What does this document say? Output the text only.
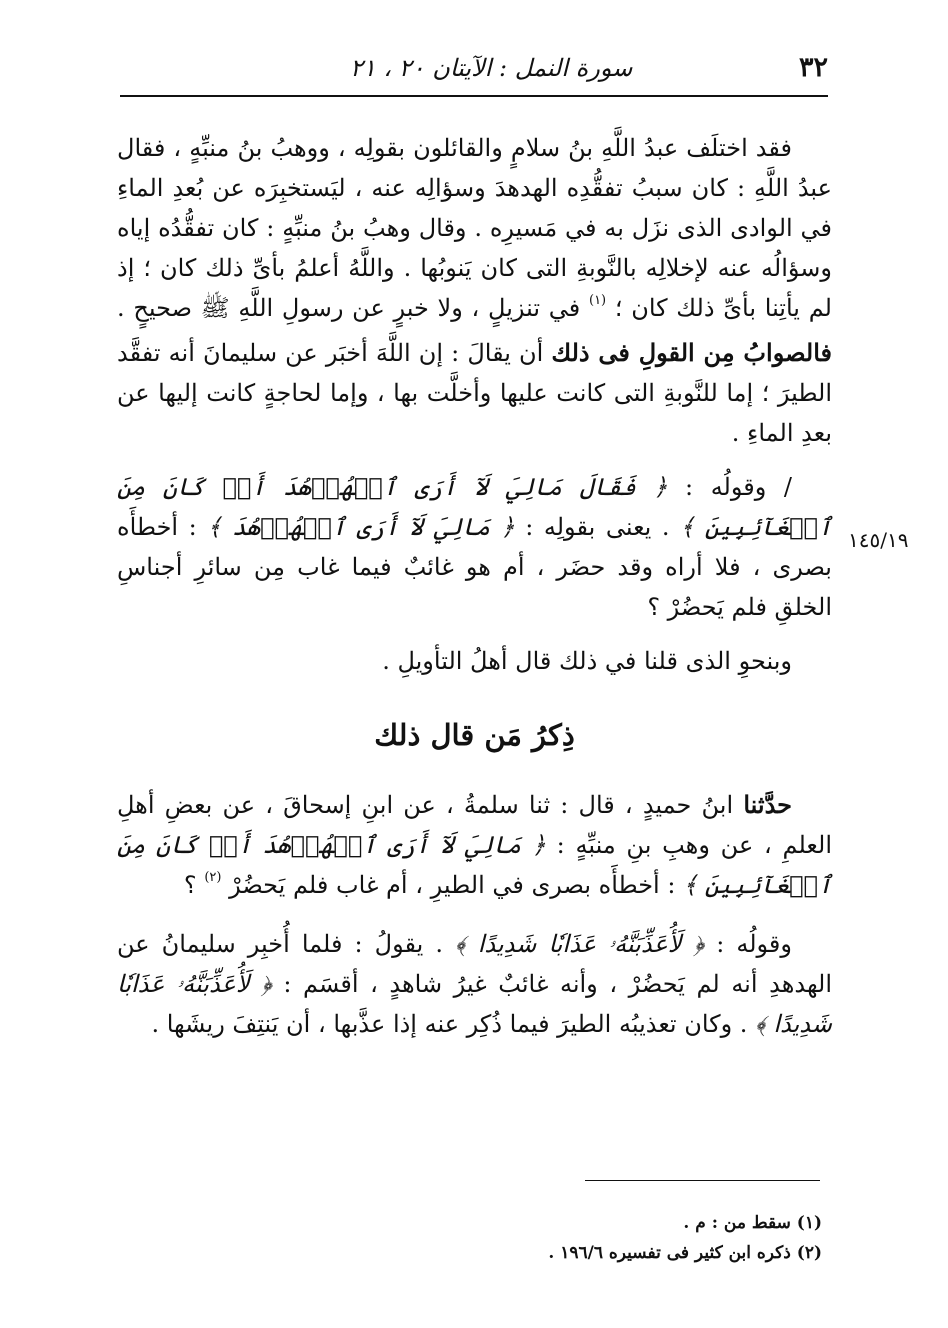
٣٢
سورة النمل : الآيتان ٢٠ ، ٢١
١٤٥/١٩

فقد اختلَف عبدُ اللَّهِ بنُ سلامٍ والقائلون بقولِه ، ووهبُ بنُ منبِّهٍ ، فقال عبدُ اللَّهِ : كان سببُ تفقُّدِه الهدهدَ وسؤالِه عنه ، ليَستخبِرَه عن بُعدِ الماءِ في الوادى الذى نزَل به في مَسيرِه . وقال وهبُ بنُ منبِّهٍ : كان تفقُّدُه إياه وسؤالُه عنه لإخلالِه بالنَّوبةِ التى كان يَنوبُها . واللَّهُ أعلمُ بأىِّ ذلك كان ؛ إذ لم يأتِنا بأىِّ ذلك كان ؛ $^{(١)}$ في تنزيلٍ ، ولا خبرٍ عن رسولِ اللَّهِ ﷺ صحيحٍ . فالصوابُ مِن القولِ فى ذلك أن يقالَ : إن اللَّهَ أخبَر عن سليمانَ أنه تفقَّد الطيرَ ؛ إما للنَّوبةِ التى كانت عليها وأخلَّت بها ، وإما لحاجةٍ كانت إليها عن بعدِ الماءِ .

/ وقولُه : ﴿ فَقَالَ مَالِيَ لَآ أَرَى ٱلۡهُدۡهُدَ أَمۡ كَانَ مِنَ ٱلۡغَآئِبِينَ ﴾ . يعنى بقولِه : ﴿ مَالِيَ لَآ أَرَى ٱلۡهُدۡهُدَ ﴾ : أخطأَه بصرى ، فلا أراه وقد حضَر ، أم هو غائبٌ فيما غاب مِن سائرِ أجناسِ الخلقِ فلم يَحضُرْ ؟

وبنحوِ الذى قلنا في ذلك قال أهلُ التأويلِ .

ذِكرُ مَن قال ذلك

حدَّثنا ابنُ حميدٍ ، قال : ثنا سلمةُ ، عن ابنِ إسحاقَ ، عن بعضِ أهلِ العلمِ ، عن وهبِ بنِ منبِّهٍ : ﴿ مَالِيَ لَآ أَرَى ٱلۡهُدۡهُدَ أَمۡ كَانَ مِنَ ٱلۡغَآئِبِينَ ﴾ : أخطأَه بصرى في الطيرِ ، أم غاب فلم يَحضُرْ $^{(٢)}$ ؟

وقولُه : ﴿ لَأُعَذِّبَنَّهُۥ عَذَابٗا شَدِيدًا ﴾ . يقولُ : فلما أُخبِر سليمانُ عن الهدهدِ أنه لم يَحضُرْ ، وأنه غائبٌ غيرُ شاهدٍ ، أقسَم : ﴿ لَأُعَذِّبَنَّهُۥ عَذَابٗا شَدِيدًا ﴾ . وكان تعذيبُه الطيرَ فيما ذُكِر عنه إذا عذَّبها ، أن يَنتِفَ ريشَها .

(١) سقط من : م .

(٢) ذكره ابن كثير فى تفسيره ١٩٦/٦ .
